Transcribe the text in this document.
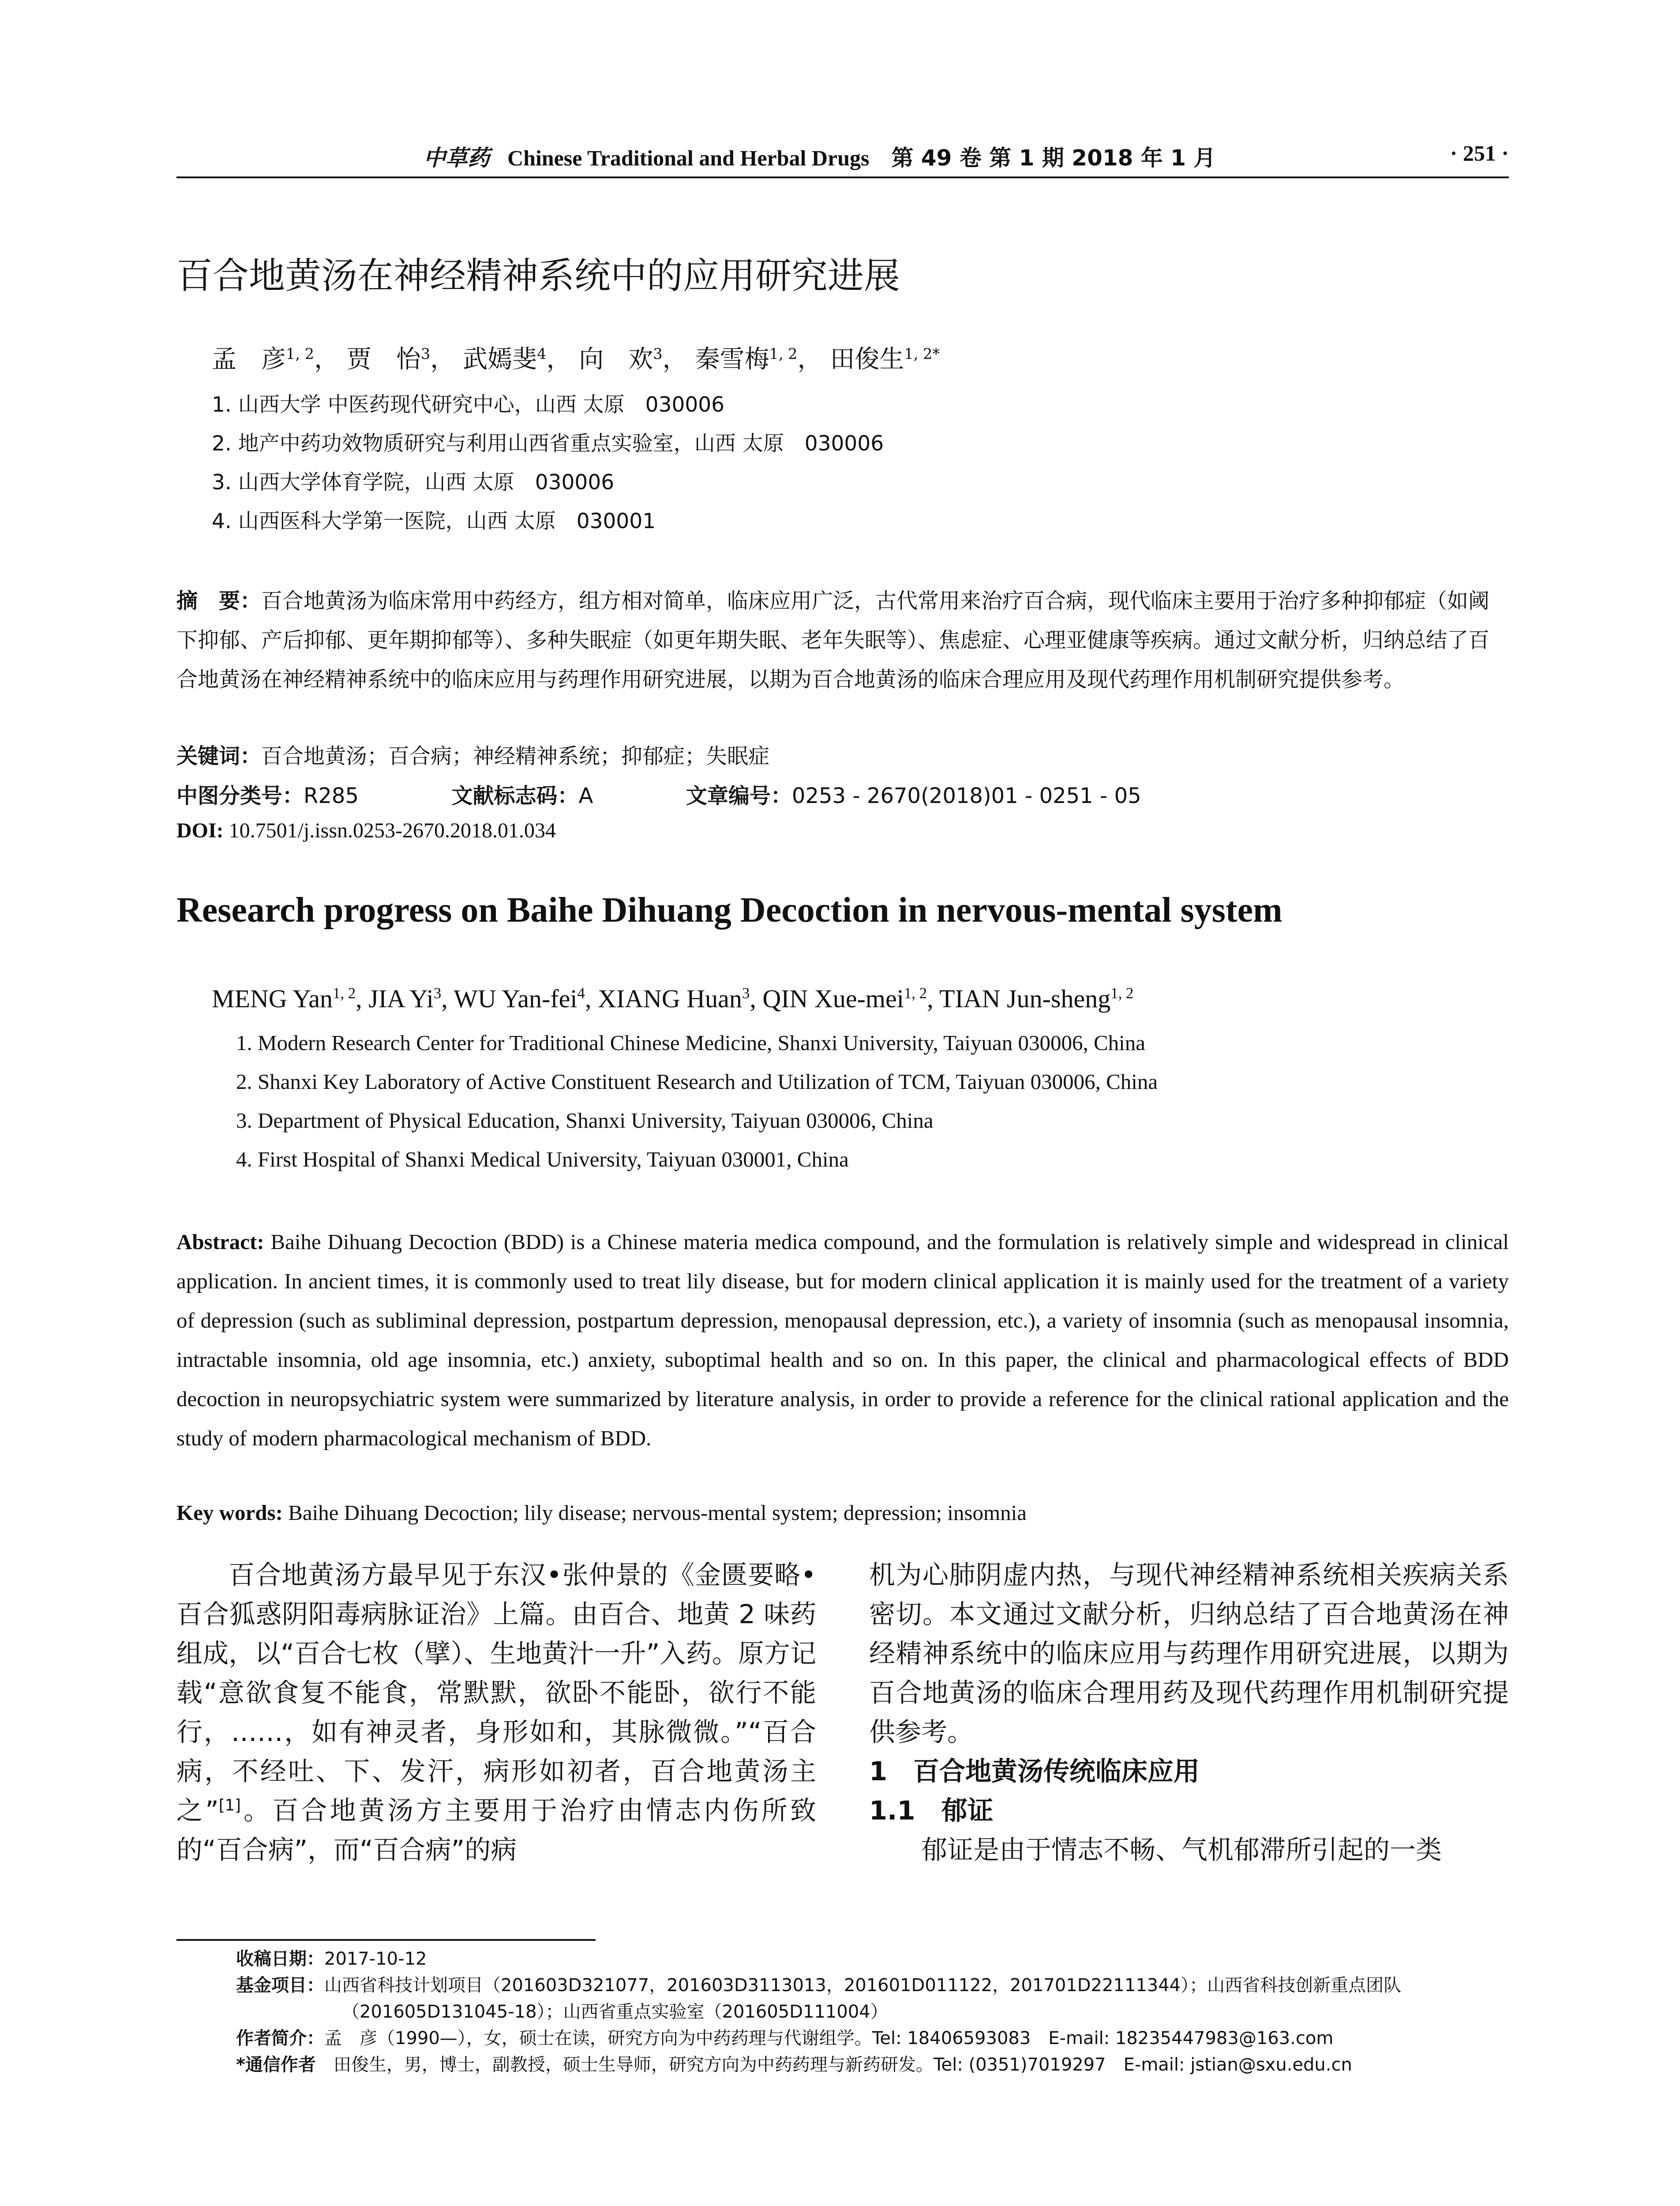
中草药 Chinese Traditional and Herbal Drugs 第 49 卷 第 1 期 2018 年 1 月	· 251 ·
百合地黄汤在神经精神系统中的应用研究进展
孟　彦$^{1, 2}$， 贾　怡$^3$， 武嫣斐$^4$， 向　欢$^3$， 秦雪梅$^{1, 2}$， 田俊生$^{1, 2*}$
1. 山西大学 中医药现代研究中心，山西 太原　030006
2. 地产中药功效物质研究与利用山西省重点实验室，山西 太原　030006
3. 山西大学体育学院，山西 太原　030006
4. 山西医科大学第一医院，山西 太原　030001
摘　要：百合地黄汤为临床常用中药经方，组方相对简单，临床应用广泛，古代常用来治疗百合病，现代临床主要用于治疗多种抑郁症（如阈下抑郁、产后抑郁、更年期抑郁等）、多种失眠症（如更年期失眠、老年失眠等）、焦虑症、心理亚健康等疾病。通过文献分析，归纳总结了百合地黄汤在神经精神系统中的临床应用与药理作用研究进展，以期为百合地黄汤的临床合理应用及现代药理作用机制研究提供参考。
关键词：百合地黄汤；百合病；神经精神系统；抑郁症；失眠症
中图分类号：R285	文献标志码：A	文章编号：0253 - 2670(2018)01 - 0251 - 05
DOI: 10.7501/j.issn.0253-2670.2018.01.034
Research progress on Baihe Dihuang Decoction in nervous-mental system
MENG Yan$^{1, 2}$, JIA Yi$^3$, WU Yan-fei$^4$, XIANG Huan$^3$, QIN Xue-mei$^{1, 2}$, TIAN Jun-sheng$^{1, 2}$
1. Modern Research Center for Traditional Chinese Medicine, Shanxi University, Taiyuan 030006, China
2. Shanxi Key Laboratory of Active Constituent Research and Utilization of TCM, Taiyuan 030006, China
3. Department of Physical Education, Shanxi University, Taiyuan 030006, China
4. First Hospital of Shanxi Medical University, Taiyuan 030001, China
Abstract: Baihe Dihuang Decoction (BDD) is a Chinese materia medica compound, and the formulation is relatively simple and widespread in clinical application. In ancient times, it is commonly used to treat lily disease, but for modern clinical application it is mainly used for the treatment of a variety of depression (such as subliminal depression, postpartum depression, menopausal depression, etc.), a variety of insomnia (such as menopausal insomnia, intractable insomnia, old age insomnia, etc.) anxiety, suboptimal health and so on. In this paper, the clinical and pharmacological effects of BDD decoction in neuropsychiatric system were summarized by literature analysis, in order to provide a reference for the clinical rational application and the study of modern pharmacological mechanism of BDD.
Key words: Baihe Dihuang Decoction; lily disease; nervous-mental system; depression; insomnia

百合地黄汤方最早见于东汉•张仲景的《金匮要略•百合狐惑阴阳毒病脉证治》上篇。由百合、地黄 2 味药组成，以“百合七枚（擘）、生地黄汁一升”入药。原方记载“意欲食复不能食，常默默，欲卧不能卧，欲行不能行，……，如有神灵者，身形如和，其脉微微。”“百合病，不经吐、下、发汗，病形如初者，百合地黄汤主之”[1]。百合地黄汤方主要用于治疗由情志内伤所致的“百合病”，而“百合病”的病

机为心肺阴虚内热，与现代神经精神系统相关疾病关系密切。本文通过文献分析，归纳总结了百合地黄汤在神经精神系统中的临床应用与药理作用研究进展，以期为百合地黄汤的临床合理用药及现代药理作用机制研究提供参考。

1　百合地黄汤传统临床应用

1.1　郁证

郁证是由于情志不畅、气机郁滞所引起的一类

收稿日期：2017-10-12
基金项目：山西省科技计划项目（201603D321077，201603D3113013，201601D011122，201701D22111344）；山西省科技创新重点团队
（201605D131045-18）；山西省重点实验室（201605D111004）
作者简介：孟　彦（1990—），女，硕士在读，研究方向为中药药理与代谢组学。Tel: 18406593083　E-mail: 18235447983@163.com
*通信作者　 田俊生，男，博士，副教授，硕士生导师，研究方向为中药药理与新药研发。Tel: (0351)7019297　E-mail: jstian@sxu.edu.cn
